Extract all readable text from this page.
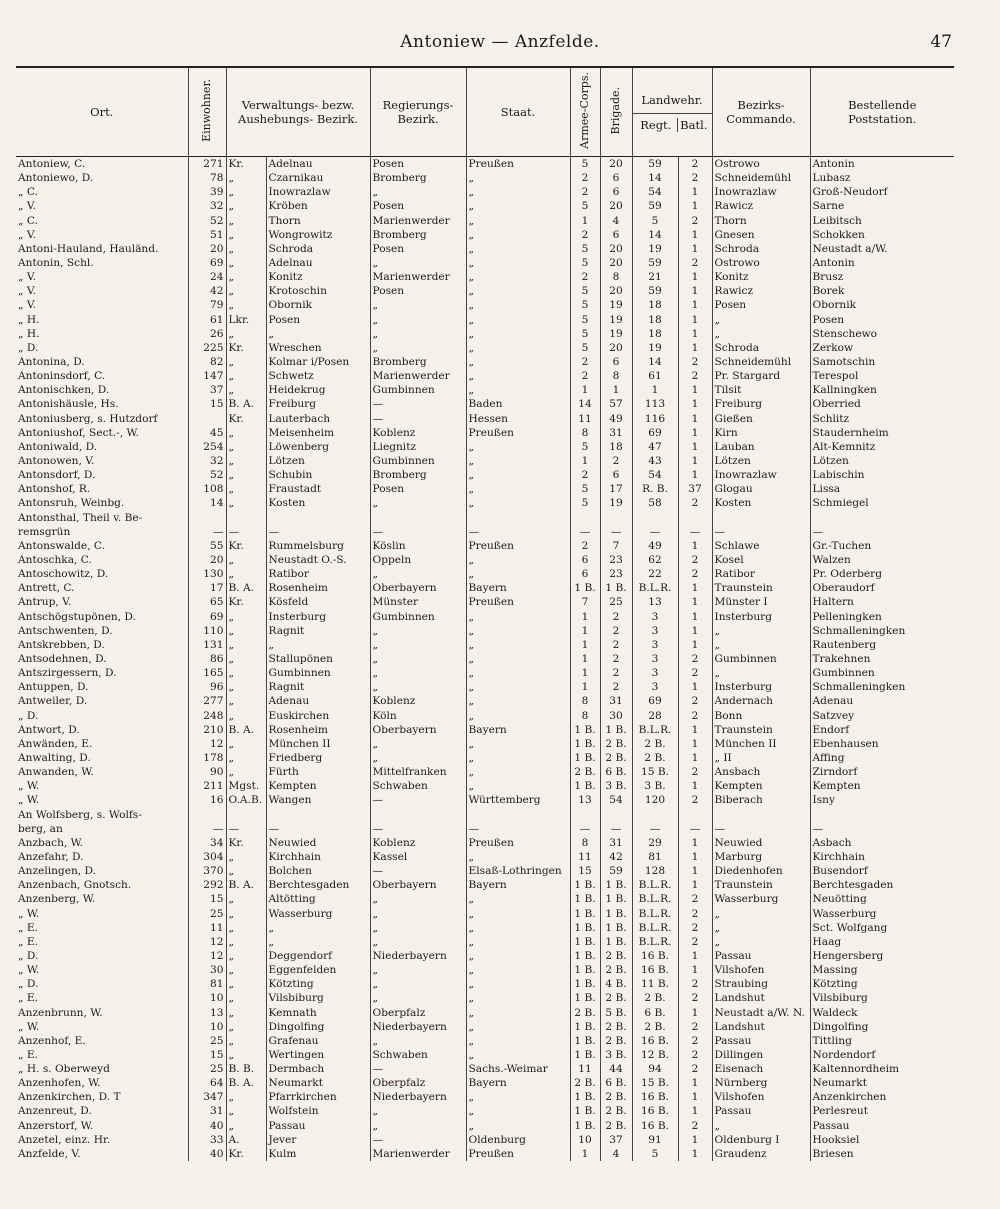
Antoniew — Anzfelde.	47
Ort.	Einwohner.	Verwaltungs- bezw. Aushebungs- Bezirk.		Regierungs- Bezirk.	Staat.	Armee-Corps.	Brigade.	Landwehr.
Regt. Batl.		Bezirks- Commando.	Bestellende Poststation.
Antoniew, C.	271	Kr.	Adelnau	Posen	Preußen	5	20	59	2	Ostrowo	Antonin
Antoniewo, D.	78	„	Czarnikau	Bromberg	„	2	6	14	2	Schneidemühl	Lubasz
„ C.	39	„	Inowrazlaw	„	„	2	6	54	1	Inowrazlaw	Groß-Neudorf
„ V.	32	„	Kröben	Posen	„	5	20	59	1	Rawicz	Sarne
„ C.	52	„	Thorn	Marienwerder	„	1	4	5	2	Thorn	Leibitsch
„ V.	51	„	Wongrowitz	Bromberg	„	2	6	14	1	Gnesen	Schokken
Antoni-Hauland, Hauländ.	20	„	Schroda	Posen	„	5	20	19	1	Schroda	Neustadt a/W.
Antonin, Schl.	69	„	Adelnau	„	„	5	20	59	2	Ostrowo	Antonin
„ V.	24	„	Konitz	Marienwerder	„	2	8	21	1	Konitz	Brusz
„ V.	42	„	Krotoschin	Posen	„	5	20	59	1	Rawicz	Borek
„ V.	79	„	Obornik	„	„	5	19	18	1	Posen	Obornik
„ H.	61	Lkr.	Posen	„	„	5	19	18	1	„	Posen
„ H.	26	„	„	„	„	5	19	18	1	„	Stenschewo
„ D.	225	Kr.	Wreschen	„	„	5	20	19	1	Schroda	Zerkow
Antonina, D.	82	„	Kolmar i/Posen	Bromberg	„	2	6	14	2	Schneidemühl	Samotschin
Antoninsdorf, C.	147	„	Schwetz	Marienwerder	„	2	8	61	2	Pr. Stargard	Terespol
Antonischken, D.	37	„	Heidekrug	Gumbinnen	„	1	1	1	1	Tilsit	Kallningken
Antonishäusle, Hs.	15	B. A.	Freiburg	—	Baden	14	57	113	1	Freiburg	Oberried
Antoniusberg, s. Hutzdorf		Kr.	Lauterbach	—	Hessen	11	49	116	1	Gießen	Schlitz
Antoniushof, Sect.-, W.	45	„	Meisenheim	Koblenz	Preußen	8	31	69	1	Kirn	Staudernheim
Antoniwald, D.	254	„	Löwenberg	Liegnitz	„	5	18	47	1	Lauban	Alt-Kemnitz
Antonowen, V.	32	„	Lötzen	Gumbinnen	„	1	2	43	1	Lötzen	Lötzen
Antonsdorf, D.	52	„	Schubin	Bromberg	„	2	6	54	1	Inowrazlaw	Labischin
Antonshof, R.	108	„	Fraustadt	Posen	„	5	17	R. B.	37	Glogau	Lissa
Antonsruh, Weinbg.	14	„	Kosten	„	„	5	19	58	2	Kosten	Schmiegel
Antonsthal, Theil v. Be-											
remsgrün	—	—	—	—	—	—	—	—	—	—	—
Antonswalde, C.	55	Kr.	Rummelsburg	Köslin	Preußen	2	7	49	1	Schlawe	Gr.-Tuchen
Antoschka, C.	20	„	Neustadt O.-S.	Oppeln	„	6	23	62	2	Kosel	Walzen
Antoschowitz, D.	130	„	Ratibor	„	„	6	23	22	2	Ratibor	Pr. Oderberg
Antrett, C.	17	B. A.	Rosenheim	Oberbayern	Bayern	1 B.	1 B.	B.L.R.	1	Traunstein	Oberaudorf
Antrup, V.	65	Kr.	Kösfeld	Münster	Preußen	7	25	13	1	Münster I	Haltern
Antschögstupönen, D.	69	„	Insterburg	Gumbinnen	„	1	2	3	1	Insterburg	Pelleningken
Antschwenten, D.	110	„	Ragnit	„	„	1	2	3	1	„	Schmalleningken
Antskrebben, D.	131	„	„	„	„	1	2	3	1	„	Rautenberg
Antsodehnen, D.	86	„	Stallupönen	„	„	1	2	3	2	Gumbinnen	Trakehnen
Antszirgessern, D.	165	„	Gumbinnen	„	„	1	2	3	2	„	Gumbinnen
Antuppen, D.	96	„	Ragnit	„	„	1	2	3	1	Insterburg	Schmalleningken
Antweiler, D.	277	„	Adenau	Koblenz	„	8	31	69	2	Andernach	Adenau
„ D.	248	„	Euskirchen	Köln	„	8	30	28	2	Bonn	Satzvey
Antwort, D.	210	B. A.	Rosenheim	Oberbayern	Bayern	1 B.	1 B.	B.L.R.	1	Traunstein	Endorf
Anwänden, E.	12	„	München II	„	„	1 B.	2 B.	2 B.	1	München II	Ebenhausen
Anwalting, D.	178	„	Friedberg	„	„	1 B.	2 B.	2 B.	1	„ II	Affing
Anwanden, W.	90	„	Fürth	Mittelfranken	„	2 B.	6 B.	15 B.	2	Ansbach	Zirndorf
„ W.	211	Mgst.	Kempten	Schwaben	„	1 B.	3 B.	3 B.	1	Kempten	Kempten
„ W.	16	O.A.B.	Wangen	—	Württemberg	13	54	120	2	Biberach	Isny
An Wolfsberg, s. Wolfs-											
berg, an	—	—	—	—	—	—	—	—	—	—	—
Anzbach, W.	34	Kr.	Neuwied	Koblenz	Preußen	8	31	29	1	Neuwied	Asbach
Anzefahr, D.	304	„	Kirchhain	Kassel	„	11	42	81	1	Marburg	Kirchhain
Anzelingen, D.	370	„	Bolchen	—	Elsaß-Lothringen	15	59	128	1	Diedenhofen	Busendorf
Anzenbach, Gnotsch.	292	B. A.	Berchtesgaden	Oberbayern	Bayern	1 B.	1 B.	B.L.R.	1	Traunstein	Berchtesgaden
Anzenberg, W.	15	„	Altötting	„	„	1 B.	1 B.	B.L.R.	2	Wasserburg	Neuötting
„ W.	25	„	Wasserburg	„	„	1 B.	1 B.	B.L.R.	2	„	Wasserburg
„ E.	11	„	„	„	„	1 B.	1 B.	B.L.R.	2	„	Sct. Wolfgang
„ E.	12	„	„	„	„	1 B.	1 B.	B.L.R.	2	„	Haag
„ D.	12	„	Deggendorf	Niederbayern	„	1 B.	2 B.	16 B.	1	Passau	Hengersberg
„ W.	30	„	Eggenfelden	„	„	1 B.	2 B.	16 B.	1	Vilshofen	Massing
„ D.	81	„	Kötzting	„	„	1 B.	4 B.	11 B.	2	Straubing	Kötzting
„ E.	10	„	Vilsbiburg	„	„	1 B.	2 B.	2 B.	2	Landshut	Vilsbiburg
Anzenbrunn, W.	13	„	Kemnath	Oberpfalz	„	2 B.	5 B.	6 B.	1	Neustadt a/W. N.	Waldeck
„ W.	10	„	Dingolfing	Niederbayern	„	1 B.	2 B.	2 B.	2	Landshut	Dingolfing
Anzenhof, E.	25	„	Grafenau	„	„	1 B.	2 B.	16 B.	2	Passau	Tittling
„ E.	15	„	Wertingen	Schwaben	„	1 B.	3 B.	12 B.	2	Dillingen	Nordendorf
„ H. s. Oberweyd	25	B. B.	Dermbach	—	Sachs.-Weimar	11	44	94	2	Eisenach	Kaltennordheim
Anzenhofen, W.	64	B. A.	Neumarkt	Oberpfalz	Bayern	2 B.	6 B.	15 B.	1	Nürnberg	Neumarkt
Anzenkirchen, D. T	347	„	Pfarrkirchen	Niederbayern	„	1 B.	2 B.	16 B.	1	Vilshofen	Anzenkirchen
Anzenreut, D.	31	„	Wolfstein	„	„	1 B.	2 B.	16 B.	1	Passau	Perlesreut
Anzerstorf, W.	40	„	Passau	„	„	1 B.	2 B.	16 B.	2	„	Passau
Anzetel, einz. Hr.	33	A.	Jever	—	Oldenburg	10	37	91	1	Oldenburg I	Hooksiel
Anzfelde, V.	40	Kr.	Kulm	Marienwerder	Preußen	1	4	5	1	Graudenz	Briesen
